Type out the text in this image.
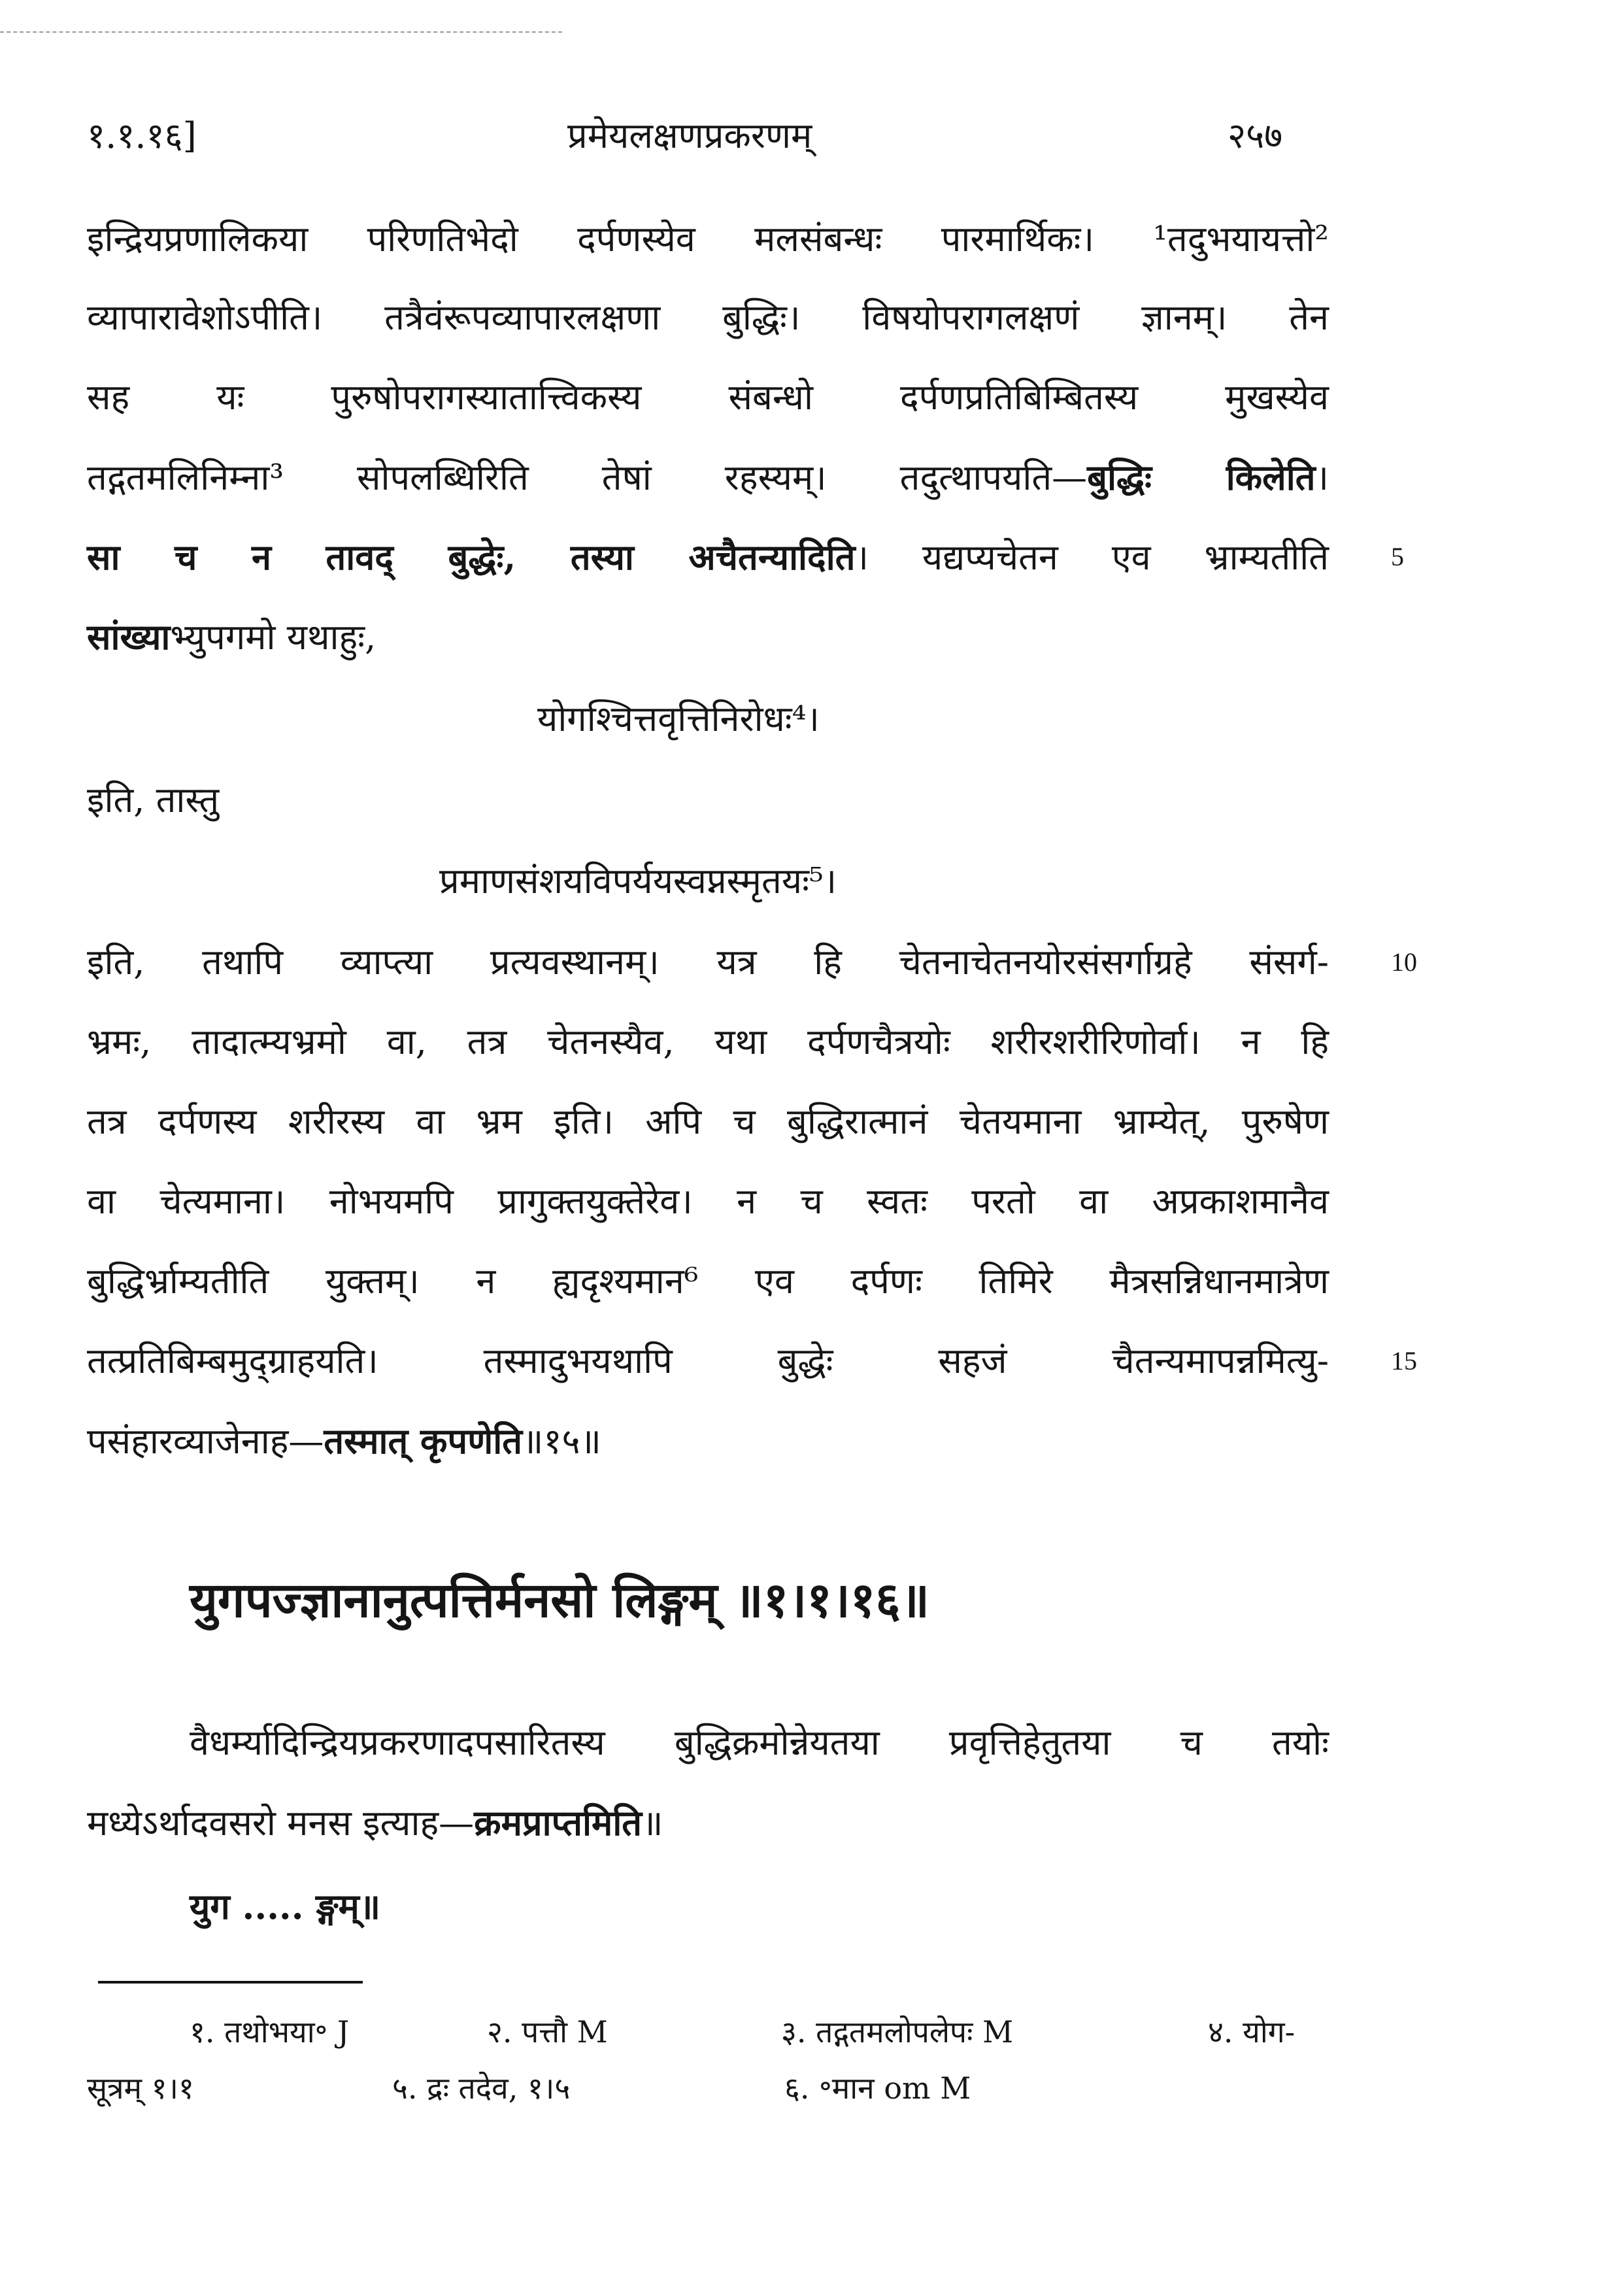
१.१.१६]	प्रमेयलक्षणप्रकरणम्	२५७
इन्द्रियप्रणालिकया परिणतिभेदो दर्पणस्येव मलसंबन्धः पारमार्थिकः। ¹तदुभयायत्तो²
व्यापारावेशोऽपीति। तत्रैवंरूपव्यापारलक्षणा बुद्धिः। विषयोपरागलक्षणं ज्ञानम्। तेन
सह यः पुरुषोपरागस्यातात्त्विकस्य संबन्धो दर्पणप्रतिबिम्बितस्य मुखस्येव
तद्गतमलिनिम्ना³ सोपलब्धिरिति तेषां रहस्यम्। तदुत्थापयति—बुद्धिः किलेति।
सा च न तावद् बुद्धेः, तस्या अचैतन्यादिति। यद्यप्यचेतन एव भ्राम्यतीति 5
सांख्याभ्युपगमो यथाहुः,
योगश्चित्तवृत्तिनिरोधः⁴।
इति, तास्तु
प्रमाणसंशयविपर्ययस्वप्नस्मृतयः⁵।
इति, तथापि व्याप्त्या प्रत्यवस्थानम्। यत्र हि चेतनाचेतनयोरसंसर्गाग्रहे संसर्ग- 10
भ्रमः, तादात्म्यभ्रमो वा, तत्र चेतनस्यैव, यथा दर्पणचैत्रयोः शरीरशरीरिणोर्वा। न हि
तत्र दर्पणस्य शरीरस्य वा भ्रम इति। अपि च बुद्धिरात्मानं चेतयमाना भ्राम्येत्, पुरुषेण
वा चेत्यमाना। नोभयमपि प्रागुक्तयुक्तेरेव। न च स्वतः परतो वा अप्रकाशमानैव
बुद्धिर्भ्राम्यतीति युक्तम्। न ह्यदृश्यमान⁶ एव दर्पणः तिमिरे मैत्रसन्निधानमात्रेण
तत्प्रतिबिम्बमुद्ग्राहयति। तस्मादुभयथापि बुद्धेः सहजं चैतन्यमापन्नमित्यु- 15
पसंहारव्याजेनाह—तस्मात् कृपणेति॥१५॥
युगपज्ज्ञानानुत्पत्तिर्मनसो लिङ्गम् ॥१।१।१६॥
वैधर्म्यादिन्द्रियप्रकरणादपसारितस्य बुद्धिक्रमोन्नेयतया प्रवृत्तिहेतुतया च तयोः
मध्येऽर्थादवसरो मनस इत्याह—क्रमप्राप्तमिति॥
युग ..... ङ्गम्॥
१. तथोभया॰ J	२. पत्तौ M	३. तद्गतमलोपलेपः M	४. योग-
सूत्रम् १।१	५. द्रः तदेव, १।५	६. ॰मान om M
